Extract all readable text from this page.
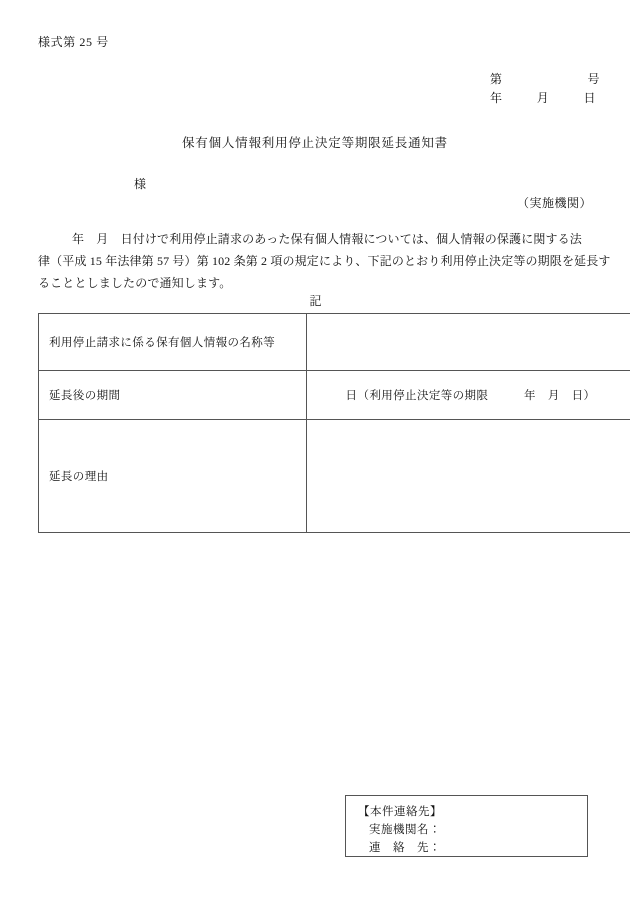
様式第 25 号
第	号
年	月	日
保有個人情報利用停止決定等期限延長通知書
様
（実施機関）
年　月　日付けで利用停止請求のあった保有個人情報については、個人情報の保護に関する法
律（平成 15 年法律第 57 号）第 102 条第 2 項の規定により、下記のとおり利用停止決定等の期限を延長す
ることとしましたので通知します。
記
利用停止請求に係る保有個人情報の名称等	
延長後の期間	日（利用停止決定等の期限　　　年　月　日）

延長の理由	
【本件連絡先】
実施機関名：
連　絡　先：
